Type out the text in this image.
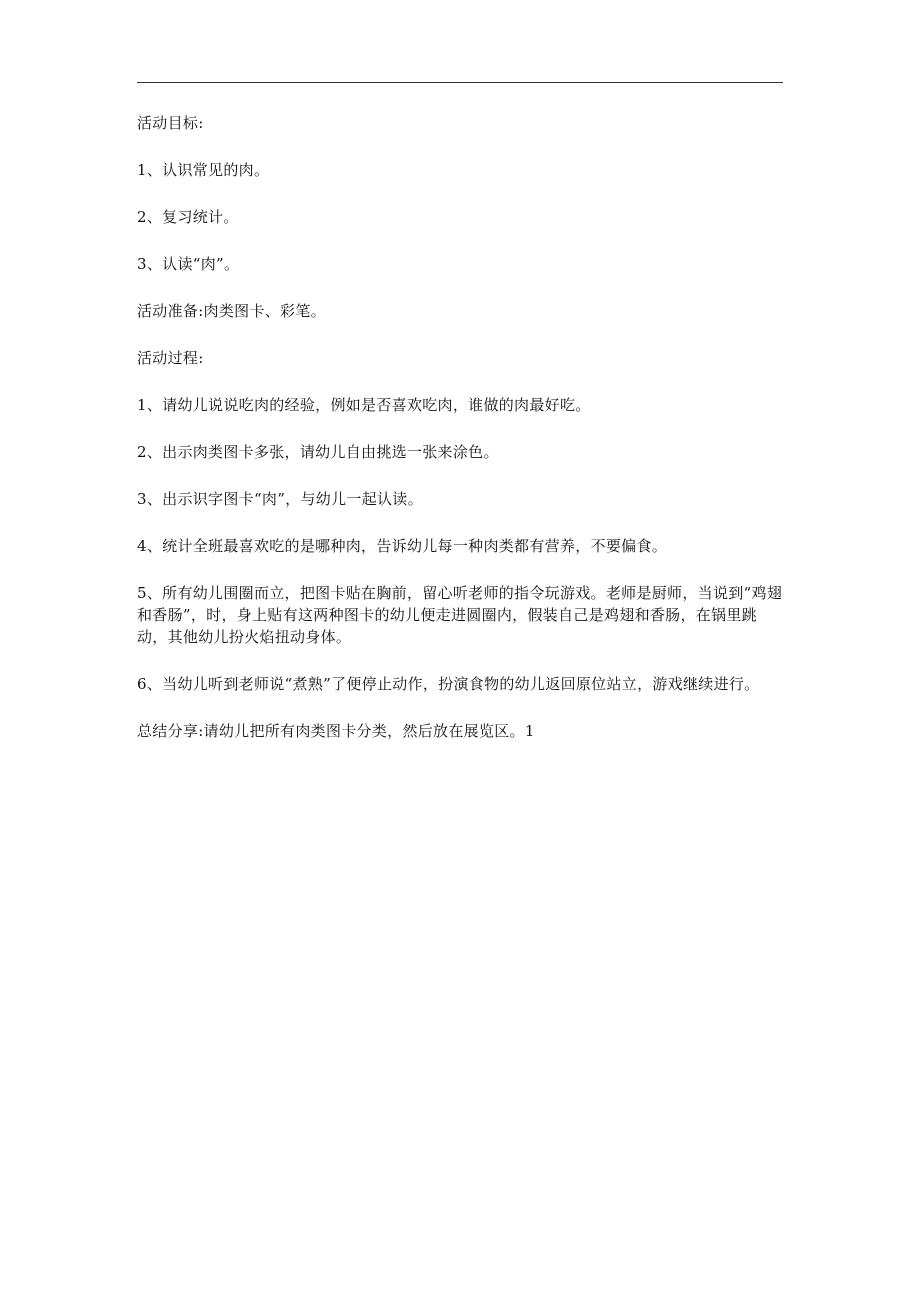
活动目标:

1、认识常见的肉。

2、复习统计。

3、认读“肉”。

活动准备:肉类图卡、彩笔。

活动过程:

1、请幼儿说说吃肉的经验，例如是否喜欢吃肉，谁做的肉最好吃。

2、出示肉类图卡多张，请幼儿自由挑选一张来涂色。

3、出示识字图卡“肉”，与幼儿一起认读。

4、统计全班最喜欢吃的是哪种肉，告诉幼儿每一种肉类都有营养，不要偏食。

5、所有幼儿围圈而立，把图卡贴在胸前，留心听老师的指令玩游戏。老师是厨师，当说到“鸡翅和香肠”，时，身上贴有这两种图卡的幼儿便走进圆圈内，假装自己是鸡翅和香肠，在锅里跳动，其他幼儿扮火焰扭动身体。

6、当幼儿听到老师说“煮熟”了便停止动作，扮演食物的幼儿返回原位站立，游戏继续进行。

总结分享:请幼儿把所有肉类图卡分类，然后放在展览区。1
